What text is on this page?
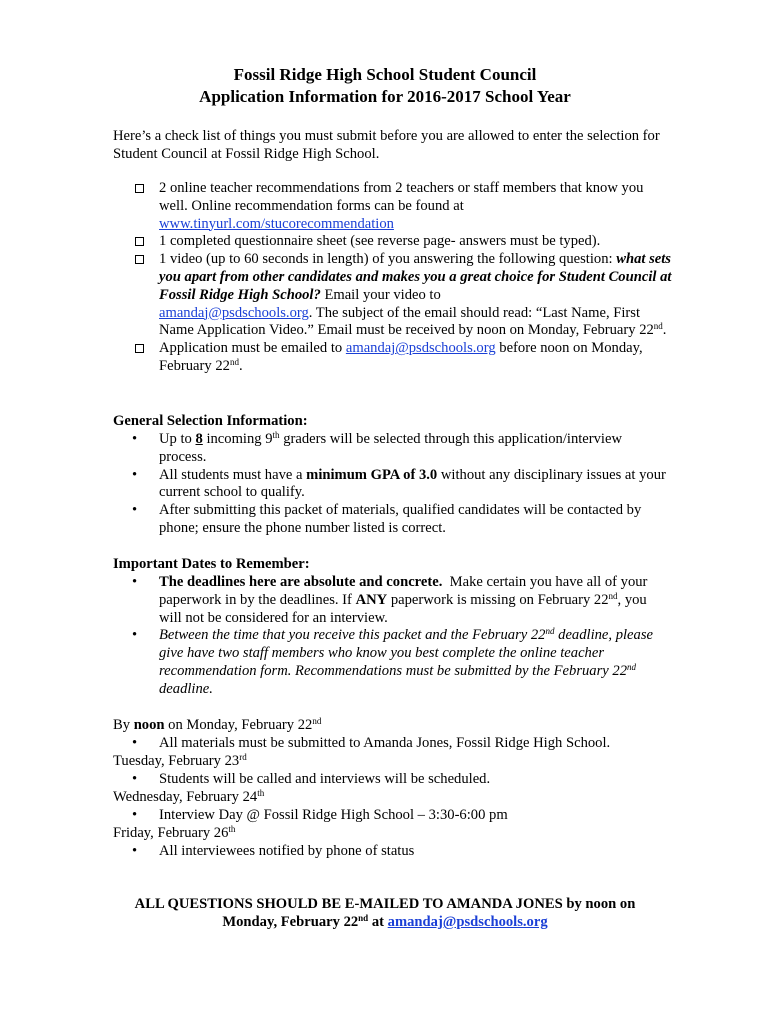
Fossil Ridge High School Student Council
Application Information for 2016-2017 School Year
Here’s a check list of things you must submit before you are allowed to enter the selection for Student Council at Fossil Ridge High School.
2 online teacher recommendations from 2 teachers or staff members that know you well. Online recommendation forms can be found at
www.tinyurl.com/stucorecommendation
1 completed questionnaire sheet (see reverse page- answers must be typed).
1 video (up to 60 seconds in length) of you answering the following question: what sets you apart from other candidates and makes you a great choice for Student Council at Fossil Ridge High School? Email your video to
amandaj@psdschools.org. The subject of the email should read: “Last Name, First Name Application Video.” Email must be received by noon on Monday, February 22nd.
Application must be emailed to amandaj@psdschools.org before noon on Monday, February 22nd.
General Selection Information:
• Up to 8 incoming 9th graders will be selected through this application/interview process.
• All students must have a minimum GPA of 3.0 without any disciplinary issues at your current school to qualify.
• After submitting this packet of materials, qualified candidates will be contacted by phone; ensure the phone number listed is correct.
Important Dates to Remember:
• The deadlines here are absolute and concrete. Make certain you have all of your paperwork in by the deadlines. If ANY paperwork is missing on February 22nd, you will not be considered for an interview.
• Between the time that you receive this packet and the February 22nd deadline, please give have two staff members who know you best complete the online teacher recommendation form. Recommendations must be submitted by the February 22nd deadline.
By noon on Monday, February 22nd
• All materials must be submitted to Amanda Jones, Fossil Ridge High School.
Tuesday, February 23rd
• Students will be called and interviews will be scheduled.
Wednesday, February 24th
• Interview Day @ Fossil Ridge High School – 3:30-6:00 pm
Friday, February 26th
• All interviewees notified by phone of status
ALL QUESTIONS SHOULD BE E-MAILED TO AMANDA JONES by noon on
Monday, February 22nd at amandaj@psdschools.org
